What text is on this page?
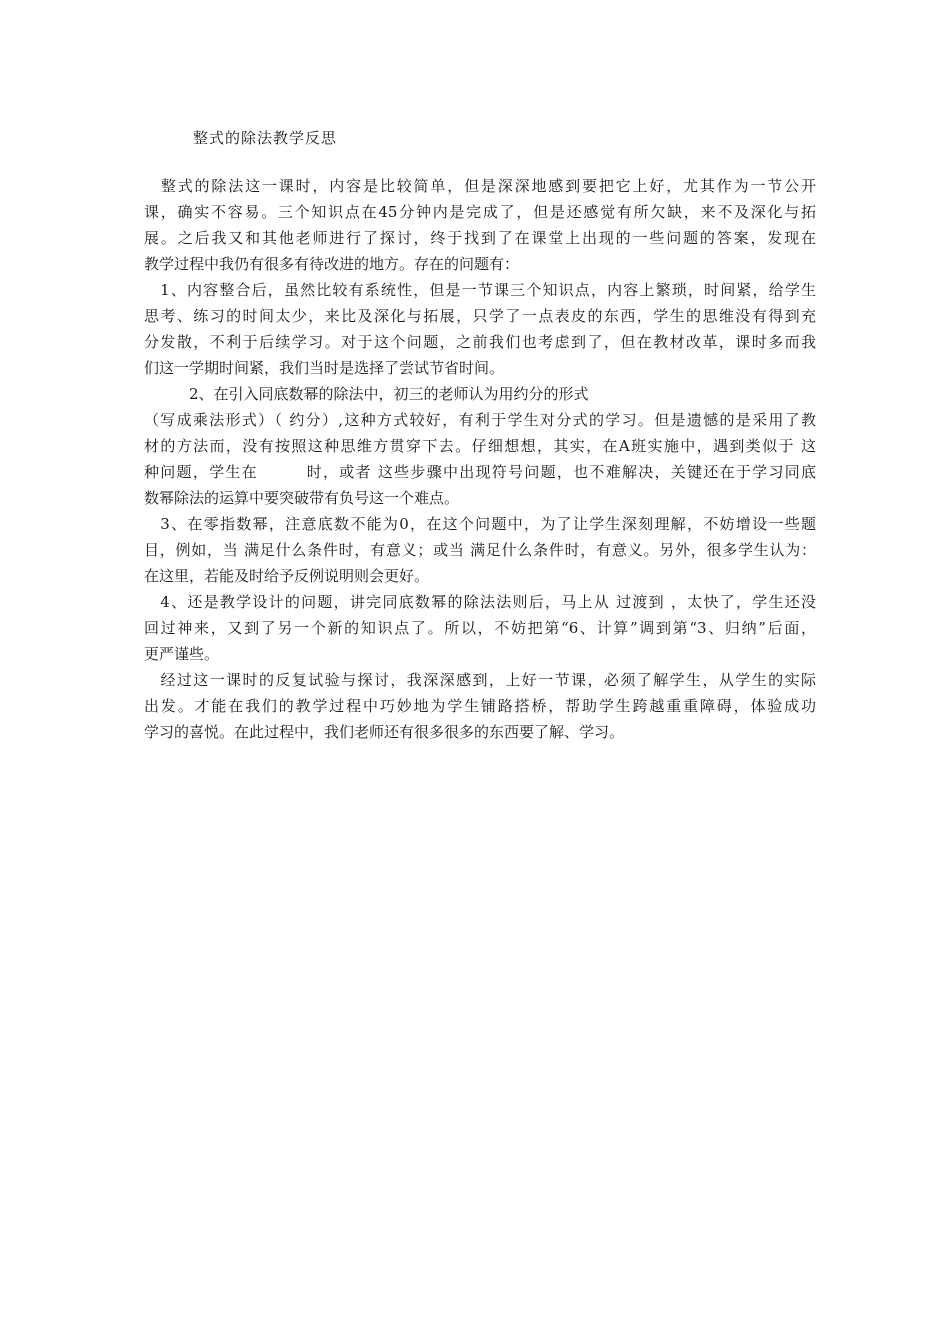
整式的除法教学反思
　整式的除法这一课时，内容是比较简单，但是深深地感到要把它上好，尤其作为一节公开
课，确实不容易。三个知识点在45分钟内是完成了，但是还感觉有所欠缺，来不及深化与拓
展。之后我又和其他老师进行了探讨，终于找到了在课堂上出现的一些问题的答案，发现在
教学过程中我仍有很多有待改进的地方。存在的问题有：
　1、内容整合后，虽然比较有系统性，但是一节课三个知识点，内容上繁琐，时间紧，给学生
思考、练习的时间太少，来比及深化与拓展，只学了一点表皮的东西，学生的思维没有得到充
分发散，不利于后续学习。对于这个问题，之前我们也考虑到了，但在教材改革，课时多而我
们这一学期时间紧，我们当时是选择了尝试节省时间。
　　　2、在引入同底数幂的除法中，初三的老师认为用约分的形式
（写成乘法形式）（ 约分）,这种方式较好，有利于学生对分式的学习。但是遗憾的是采用了教
材的方法而，没有按照这种思维方贯穿下去。仔细想想，其实，在A班实施中，遇到类似于 这
种问题，学生在　　　时，或者 这些步骤中出现符号问题，也不难解决，关键还在于学习同底
数幂除法的运算中要突破带有负号这一个难点。
　3、在零指数幂，注意底数不能为0，在这个问题中，为了让学生深刻理解，不妨增设一些题
目，例如，当 满足什么条件时，有意义；或当 满足什么条件时，有意义。另外，很多学生认为：
在这里，若能及时给予反例说明则会更好。
　4、还是教学设计的问题，讲完同底数幂的除法法则后，马上从 过渡到 ，太快了，学生还没
回过神来，又到了另一个新的知识点了。所以，不妨把第“6、计算”调到第“3、归纳”后面，
更严谨些。
　经过这一课时的反复试验与探讨，我深深感到，上好一节课，必须了解学生，从学生的实际
出发。才能在我们的教学过程中巧妙地为学生铺路搭桥，帮助学生跨越重重障碍，体验成功
学习的喜悦。在此过程中，我们老师还有很多很多的东西要了解、学习。
